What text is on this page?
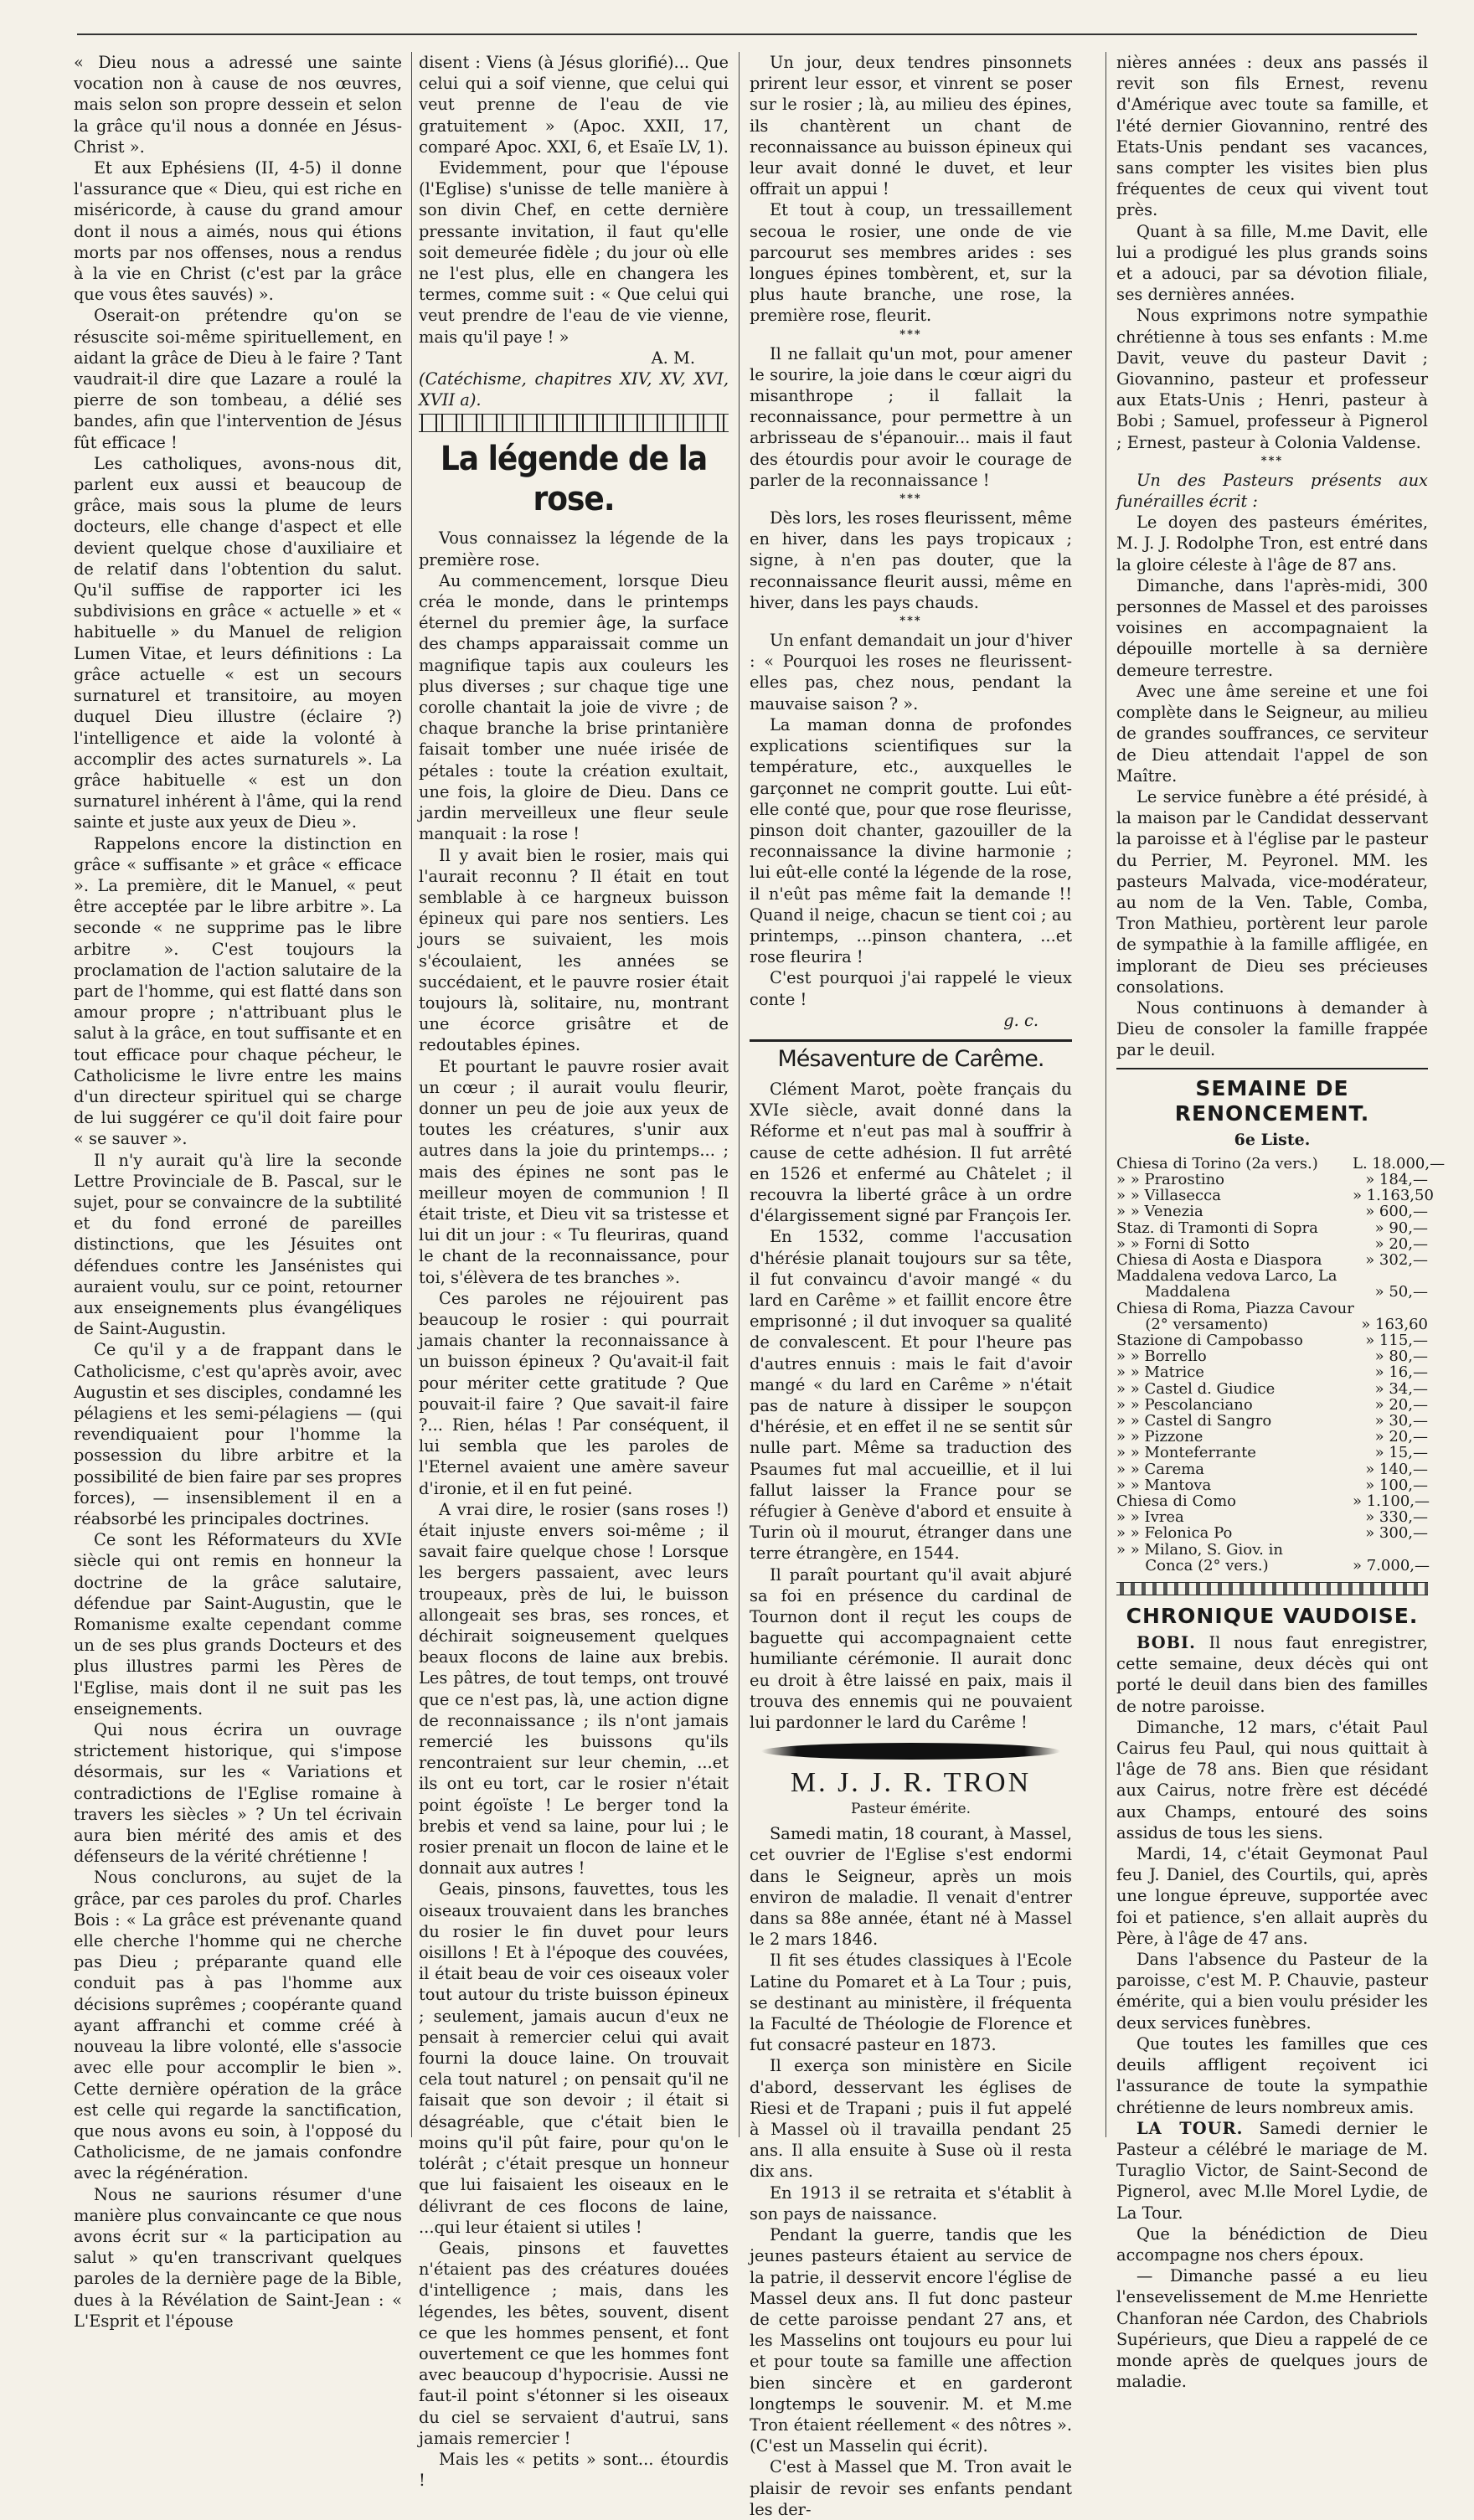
« Dieu nous a adressé une sainte vocation non à cause de nos œuvres, mais selon son propre dessein et selon la grâce qu'il nous a donnée en Jésus-Christ ».

Et aux Ephésiens (II, 4-5) il donne l'assurance que « Dieu, qui est riche en miséricorde, à cause du grand amour dont il nous a aimés, nous qui étions morts par nos offenses, nous a rendus à la vie en Christ (c'est par la grâce que vous êtes sauvés) ».

Oserait-on prétendre qu'on se résuscite soi-même spirituellement, en aidant la grâce de Dieu à le faire ? Tant vaudrait-il dire que Lazare a roulé la pierre de son tombeau, a délié ses bandes, afin que l'intervention de Jésus fût efficace !

Les catholiques, avons-nous dit, parlent eux aussi et beaucoup de grâce, mais sous la plume de leurs docteurs, elle change d'aspect et elle devient quelque chose d'auxiliaire et de relatif dans l'obtention du salut. Qu'il suffise de rapporter ici les subdivisions en grâce « actuelle » et « habituelle » du Manuel de religion Lumen Vitae, et leurs définitions : La grâce actuelle « est un secours surnaturel et transitoire, au moyen duquel Dieu illustre (éclaire ?) l'intelligence et aide la volonté à accomplir des actes surnaturels ». La grâce habituelle « est un don surnaturel inhérent à l'âme, qui la rend sainte et juste aux yeux de Dieu ».

Rappelons encore la distinction en grâce « suffisante » et grâce « efficace ». La première, dit le Manuel, « peut être acceptée par le libre arbitre ». La seconde « ne supprime pas le libre arbitre ». C'est toujours la proclamation de l'action salutaire de la part de l'homme, qui est flatté dans son amour propre ; n'attribuant plus le salut à la grâce, en tout suffisante et en tout efficace pour chaque pécheur, le Catholicisme le livre entre les mains d'un directeur spirituel qui se charge de lui suggérer ce qu'il doit faire pour « se sauver ».

Il n'y aurait qu'à lire la seconde Lettre Provinciale de B. Pascal, sur le sujet, pour se convaincre de la subtilité et du fond erroné de pareilles distinctions, que les Jésuites ont défendues contre les Jansénistes qui auraient voulu, sur ce point, retourner aux enseignements plus évangéliques de Saint-Augustin.

Ce qu'il y a de frappant dans le Catholicisme, c'est qu'après avoir, avec Augustin et ses disciples, condamné les pélagiens et les semi-pélagiens — (qui revendiquaient pour l'homme la possession du libre arbitre et la possibilité de bien faire par ses propres forces), — insensiblement il en a réabsorbé les principales doctrines.

Ce sont les Réformateurs du XVIe siècle qui ont remis en honneur la doctrine de la grâce salutaire, défendue par Saint-Augustin, que le Romanisme exalte cependant comme un de ses plus grands Docteurs et des plus illustres parmi les Pères de l'Eglise, mais dont il ne suit pas les enseignements.

Qui nous écrira un ouvrage strictement historique, qui s'impose désormais, sur les « Variations et contradictions de l'Eglise romaine à travers les siècles » ? Un tel écrivain aura bien mérité des amis et des défenseurs de la vérité chrétienne !

Nous conclurons, au sujet de la grâce, par ces paroles du prof. Charles Bois : « La grâce est prévenante quand elle cherche l'homme qui ne cherche pas Dieu ; préparante quand elle conduit pas à pas l'homme aux décisions suprêmes ; coopérante quand ayant affranchi et comme créé à nouveau la libre volonté, elle s'associe avec elle pour accomplir le bien ». Cette dernière opération de la grâce est celle qui regarde la sanctification, que nous avons eu soin, à l'opposé du Catholicisme, de ne jamais confondre avec la régénération.

Nous ne saurions résumer d'une manière plus convaincante ce que nous avons écrit sur « la participation au salut » qu'en transcrivant quelques paroles de la dernière page de la Bible, dues à la Révélation de Saint-Jean : « L'Esprit et l'épouse

disent : Viens (à Jésus glorifié)... Que celui qui a soif vienne, que celui qui veut prenne de l'eau de vie gratuitement » (Apoc. XXII, 17, comparé Apoc. XXI, 6, et Esaïe LV, 1).

Evidemment, pour que l'épouse (l'Eglise) s'unisse de telle manière à son divin Chef, en cette dernière pressante invitation, il faut qu'elle soit demeurée fidèle ; du jour où elle ne l'est plus, elle en changera les termes, comme suit : « Que celui qui veut prendre de l'eau de vie vienne, mais qu'il paye ! »

A. M.

(Catéchisme, chapitres XIV, XV, XVI, XVII a).

La légende de la rose.

Vous connaissez la légende de la première rose.

Au commencement, lorsque Dieu créa le monde, dans le printemps éternel du premier âge, la surface des champs apparaissait comme un magnifique tapis aux couleurs les plus diverses ; sur chaque tige une corolle chantait la joie de vivre ; de chaque branche la brise printanière faisait tomber une nuée irisée de pétales : toute la création exultait, une fois, la gloire de Dieu. Dans ce jardin merveilleux une fleur seule manquait : la rose !

Il y avait bien le rosier, mais qui l'aurait reconnu ? Il était en tout semblable à ce hargneux buisson épineux qui pare nos sentiers. Les jours se suivaient, les mois s'écoulaient, les années se succédaient, et le pauvre rosier était toujours là, solitaire, nu, montrant une écorce grisâtre et de redoutables épines.

Et pourtant le pauvre rosier avait un cœur ; il aurait voulu fleurir, donner un peu de joie aux yeux de toutes les créatures, s'unir aux autres dans la joie du printemps... ; mais des épines ne sont pas le meilleur moyen de communion ! Il était triste, et Dieu vit sa tristesse et lui dit un jour : « Tu fleuriras, quand le chant de la reconnaissance, pour toi, s'élèvera de tes branches ».

Ces paroles ne réjouirent pas beaucoup le rosier : qui pourrait jamais chanter la reconnaissance à un buisson épineux ? Qu'avait-il fait pour mériter cette gratitude ? Que pouvait-il faire ? Que savait-il faire ?... Rien, hélas ! Par conséquent, il lui sembla que les paroles de l'Eternel avaient une amère saveur d'ironie, et il en fut peiné.

A vrai dire, le rosier (sans roses !) était injuste envers soi-même ; il savait faire quelque chose ! Lorsque les bergers passaient, avec leurs troupeaux, près de lui, le buisson allongeait ses bras, ses ronces, et déchirait soigneusement quelques beaux flocons de laine aux brebis. Les pâtres, de tout temps, ont trouvé que ce n'est pas, là, une action digne de reconnaissance ; ils n'ont jamais remercié les buissons qu'ils rencontraient sur leur chemin, ...et ils ont eu tort, car le rosier n'était point égoïste ! Le berger tond la brebis et vend sa laine, pour lui ; le rosier prenait un flocon de laine et le donnait aux autres !

Geais, pinsons, fauvettes, tous les oiseaux trouvaient dans les branches du rosier le fin duvet pour leurs oisillons ! Et à l'époque des couvées, il était beau de voir ces oiseaux voler tout autour du triste buisson épineux ; seulement, jamais aucun d'eux ne pensait à remercier celui qui avait fourni la douce laine. On trouvait cela tout naturel ; on pensait qu'il ne faisait que son devoir ; il était si désagréable, que c'était bien le moins qu'il pût faire, pour qu'on le tolérât ; c'était presque un honneur que lui faisaient les oiseaux en le délivrant de ces flocons de laine, ...qui leur étaient si utiles !

Geais, pinsons et fauvettes n'étaient pas des créatures douées d'intelligence ; mais, dans les légendes, les bêtes, souvent, disent ce que les hommes pensent, et font ouvertement ce que les hommes font avec beaucoup d'hypocrisie. Aussi ne faut-il point s'étonner si les oiseaux du ciel se servaient d'autrui, sans jamais remercier !

Mais les « petits » sont... étourdis !

Un jour, deux tendres pinsonnets prirent leur essor, et vinrent se poser sur le rosier ; là, au milieu des épines, ils chantèrent un chant de reconnaissance au buisson épineux qui leur avait donné le duvet, et leur offrait un appui !

Et tout à coup, un tressaillement secoua le rosier, une onde de vie parcourut ses membres arides : ses longues épines tombèrent, et, sur la plus haute branche, une rose, la première rose, fleurit.

***

Il ne fallait qu'un mot, pour amener le sourire, la joie dans le cœur aigri du misanthrope ; il fallait la reconnaissance, pour permettre à un arbrisseau de s'épanouir... mais il faut des étourdis pour avoir le courage de parler de la reconnaissance !

***

Dès lors, les roses fleurissent, même en hiver, dans les pays tropicaux ; signe, à n'en pas douter, que la reconnaissance fleurit aussi, même en hiver, dans les pays chauds.

***

Un enfant demandait un jour d'hiver : « Pourquoi les roses ne fleurissent-elles pas, chez nous, pendant la mauvaise saison ? ».

La maman donna de profondes explications scientifiques sur la température, etc., auxquelles le garçonnet ne comprit goutte. Lui eût-elle conté que, pour que rose fleurisse, pinson doit chanter, gazouiller de la reconnaissance la divine harmonie ; lui eût-elle conté la légende de la rose, il n'eût pas même fait la demande !! Quand il neige, chacun se tient coi ; au printemps, ...pinson chantera, ...et rose fleurira !

C'est pourquoi j'ai rappelé le vieux conte !

g. c.

Mésaventure de Carême.

Clément Marot, poète français du XVIe siècle, avait donné dans la Réforme et n'eut pas mal à souffrir à cause de cette adhésion. Il fut arrêté en 1526 et enfermé au Châtelet ; il recouvra la liberté grâce à un ordre d'élargissement signé par François Ier.

En 1532, comme l'accusation d'hérésie planait toujours sur sa tête, il fut convaincu d'avoir mangé « du lard en Carême » et faillit encore être emprisonné ; il dut invoquer sa qualité de convalescent. Et pour l'heure pas d'autres ennuis : mais le fait d'avoir mangé « du lard en Carême » n'était pas de nature à dissiper le soupçon d'hérésie, et en effet il ne se sentit sûr nulle part. Même sa traduction des Psaumes fut mal accueillie, et il lui fallut laisser la France pour se réfugier à Genève d'abord et ensuite à Turin où il mourut, étranger dans une terre étrangère, en 1544.

Il paraît pourtant qu'il avait abjuré sa foi en présence du cardinal de Tournon dont il reçut les coups de baguette qui accompagnaient cette humiliante cérémonie. Il aurait donc eu droit à être laissé en paix, mais il trouva des ennemis qui ne pouvaient lui pardonner le lard du Carême !

M. J. J. R. TRON
Pasteur émérite.

Samedi matin, 18 courant, à Massel, cet ouvrier de l'Eglise s'est endormi dans le Seigneur, après un mois environ de maladie. Il venait d'entrer dans sa 88e année, étant né à Massel le 2 mars 1846.

Il fit ses études classiques à l'Ecole Latine du Pomaret et à La Tour ; puis, se destinant au ministère, il fréquenta la Faculté de Théologie de Florence et fut consacré pasteur en 1873.

Il exerça son ministère en Sicile d'abord, desservant les églises de Riesi et de Trapani ; puis il fut appelé à Massel où il travailla pendant 25 ans. Il alla ensuite à Suse où il resta dix ans.

En 1913 il se retraita et s'établit à son pays de naissance.

Pendant la guerre, tandis que les jeunes pasteurs étaient au service de la patrie, il desservit encore l'église de Massel deux ans. Il fut donc pasteur de cette paroisse pendant 27 ans, et les Masselins ont toujours eu pour lui et pour toute sa famille une affection bien sincère et en garderont longtemps le souvenir. M. et M.me Tron étaient réellement « des nôtres ». (C'est un Masselin qui écrit).

C'est à Massel que M. Tron avait le plaisir de revoir ses enfants pendant les der-

nières années : deux ans passés il revit son fils Ernest, revenu d'Amérique avec toute sa famille, et l'été dernier Giovannino, rentré des Etats-Unis pendant ses vacances, sans compter les visites bien plus fréquentes de ceux qui vivent tout près.

Quant à sa fille, M.me Davit, elle lui a prodigué les plus grands soins et a adouci, par sa dévotion filiale, ses dernières années.

Nous exprimons notre sympathie chrétienne à tous ses enfants : M.me Davit, veuve du pasteur Davit ; Giovannino, pasteur et professeur aux Etats-Unis ; Henri, pasteur à Bobi ; Samuel, professeur à Pignerol ; Ernest, pasteur à Colonia Valdense.

***

Un des Pasteurs présents aux funérailles écrit :

Le doyen des pasteurs émérites, M. J. J. Rodolphe Tron, est entré dans la gloire céleste à l'âge de 87 ans.

Dimanche, dans l'après-midi, 300 personnes de Massel et des paroisses voisines en accompagnaient la dépouille mortelle à sa dernière demeure terrestre.

Avec une âme sereine et une foi complète dans le Seigneur, au milieu de grandes souffrances, ce serviteur de Dieu attendait l'appel de son Maître.

Le service funèbre a été présidé, à la maison par le Candidat desservant la paroisse et à l'église par le pasteur du Perrier, M. Peyronel. MM. les pasteurs Malvada, vice-modérateur, au nom de la Ven. Table, Comba, Tron Mathieu, portèrent leur parole de sympathie à la famille affligée, en implorant de Dieu ses précieuses consolations.

Nous continuons à demander à Dieu de consoler la famille frappée par le deuil.

SEMAINE DE RENONCEMENT.
6e Liste.
Chiesa di Torino (2a vers.)	L. 18.000,—
» » Prarostino	» 184,—
» » Villasecca	» 1.163,50
» » Venezia	» 600,—
Staz. di Tramonti di Sopra	» 90,—
» » Forni di Sotto	» 20,—
Chiesa di Aosta e Diaspora	» 302,—
Maddalena vedova Larco, La
Maddalena	» 50,—
Chiesa di Roma, Piazza Cavour
(2° versamento)	» 163,60
Stazione di Campobasso	» 115,—
» » Borrello	» 80,—
» » Matrice	» 16,—
» » Castel d. Giudice	» 34,—
» » Pescolanciano	» 20,—
» » Castel di Sangro	» 30,—
» » Pizzone	» 20,—
» » Monteferrante	» 15,—
» » Carema	» 140,—
» » Mantova	» 100,—
Chiesa di Como	» 1.100,—
» » Ivrea	» 330,—
» » Felonica Po	» 300,—
» » Milano, S. Giov. in
Conca (2° vers.)	» 7.000,—
CHRONIQUE VAUDOISE.

BOBI. Il nous faut enregistrer, cette semaine, deux décès qui ont porté le deuil dans bien des familles de notre paroisse.

Dimanche, 12 mars, c'était Paul Cairus feu Paul, qui nous quittait à l'âge de 78 ans. Bien que résidant aux Cairus, notre frère est décédé aux Champs, entouré des soins assidus de tous les siens.

Mardi, 14, c'était Geymonat Paul feu J. Daniel, des Courtils, qui, après une longue épreuve, supportée avec foi et patience, s'en allait auprès du Père, à l'âge de 47 ans.

Dans l'absence du Pasteur de la paroisse, c'est M. P. Chauvie, pasteur émérite, qui a bien voulu présider les deux services funèbres.

Que toutes les familles que ces deuils affligent reçoivent ici l'assurance de toute la sympathie chrétienne de leurs nombreux amis.

LA TOUR. Samedi dernier le Pasteur a célébré le mariage de M. Turaglio Victor, de Saint-Second de Pignerol, avec M.lle Morel Lydie, de La Tour.

Que la bénédiction de Dieu accompagne nos chers époux.

— Dimanche passé a eu lieu l'ensevelissement de M.me Henriette Chanforan née Cardon, des Chabriols Supérieurs, que Dieu a rappelé de ce monde après de quelques jours de maladie.
